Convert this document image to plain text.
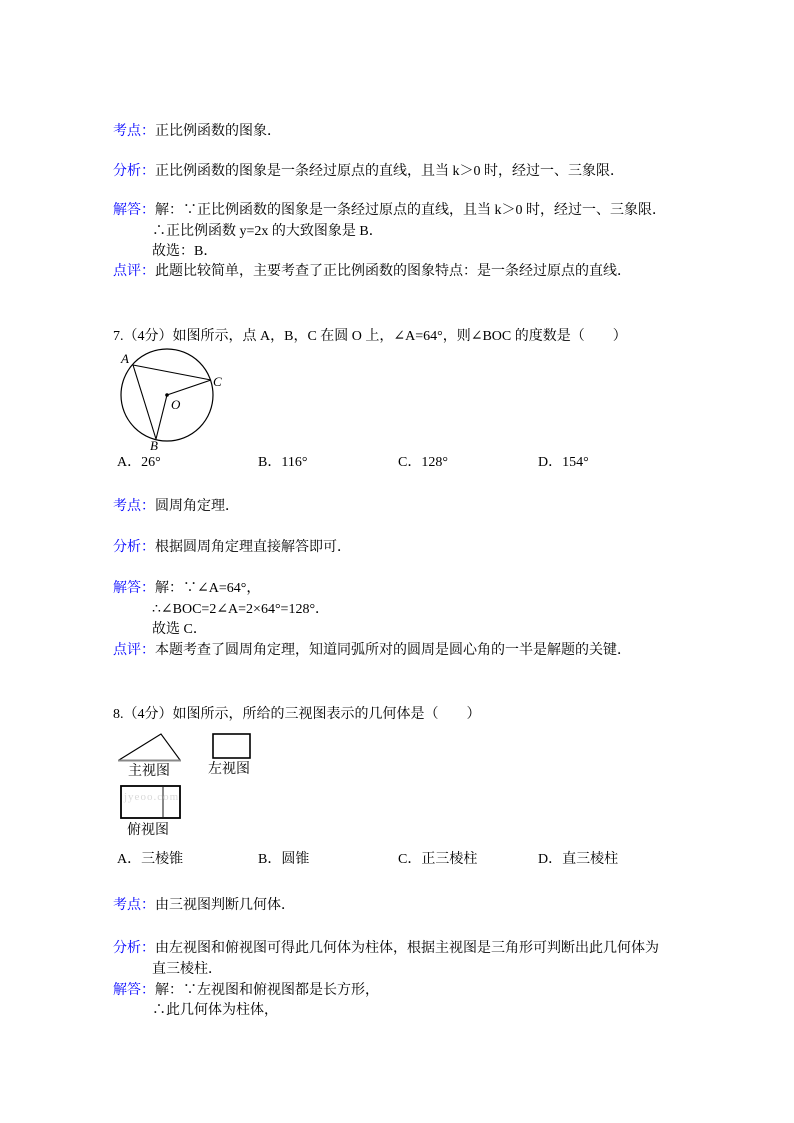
考点：正比例函数的图象．
分析：正比例函数的图象是一条经过原点的直线，且当 k＞0 时，经过一、三象限．
解答：解：∵正比例函数的图象是一条经过原点的直线，且当 k＞0 时，经过一、三象限．
∴正比例函数 y=2x 的大致图象是 B．
故选：B．
点评：此题比较简单，主要考查了正比例函数的图象特点：是一条经过原点的直线．
7.（4分）如图所示，点 A，B，C 在圆 O 上，∠A=64°，则∠BOC 的度数是（　　）
A
C
B
O
A．26°	B．116°	C．128°	D．154°
考点：圆周角定理．
分析：根据圆周角定理直接解答即可．
解答：解：∵∠A=64°，
∴∠BOC=2∠A=2×64°=128°．
故选 C．
点评：本题考查了圆周角定理，知道同弧所对的圆周是圆心角的一半是解题的关键．
8.（4分）如图所示，所给的三视图表示的几何体是（　　）
jyeoo.com
主视图	左视图
俯视图
A．三棱锥	B．圆锥	C．正三棱柱	D．直三棱柱
考点：由三视图判断几何体．
分析：由左视图和俯视图可得此几何体为柱体，根据主视图是三角形可判断出此几何体为
直三棱柱．
解答：解：∵左视图和俯视图都是长方形，
∴此几何体为柱体，
